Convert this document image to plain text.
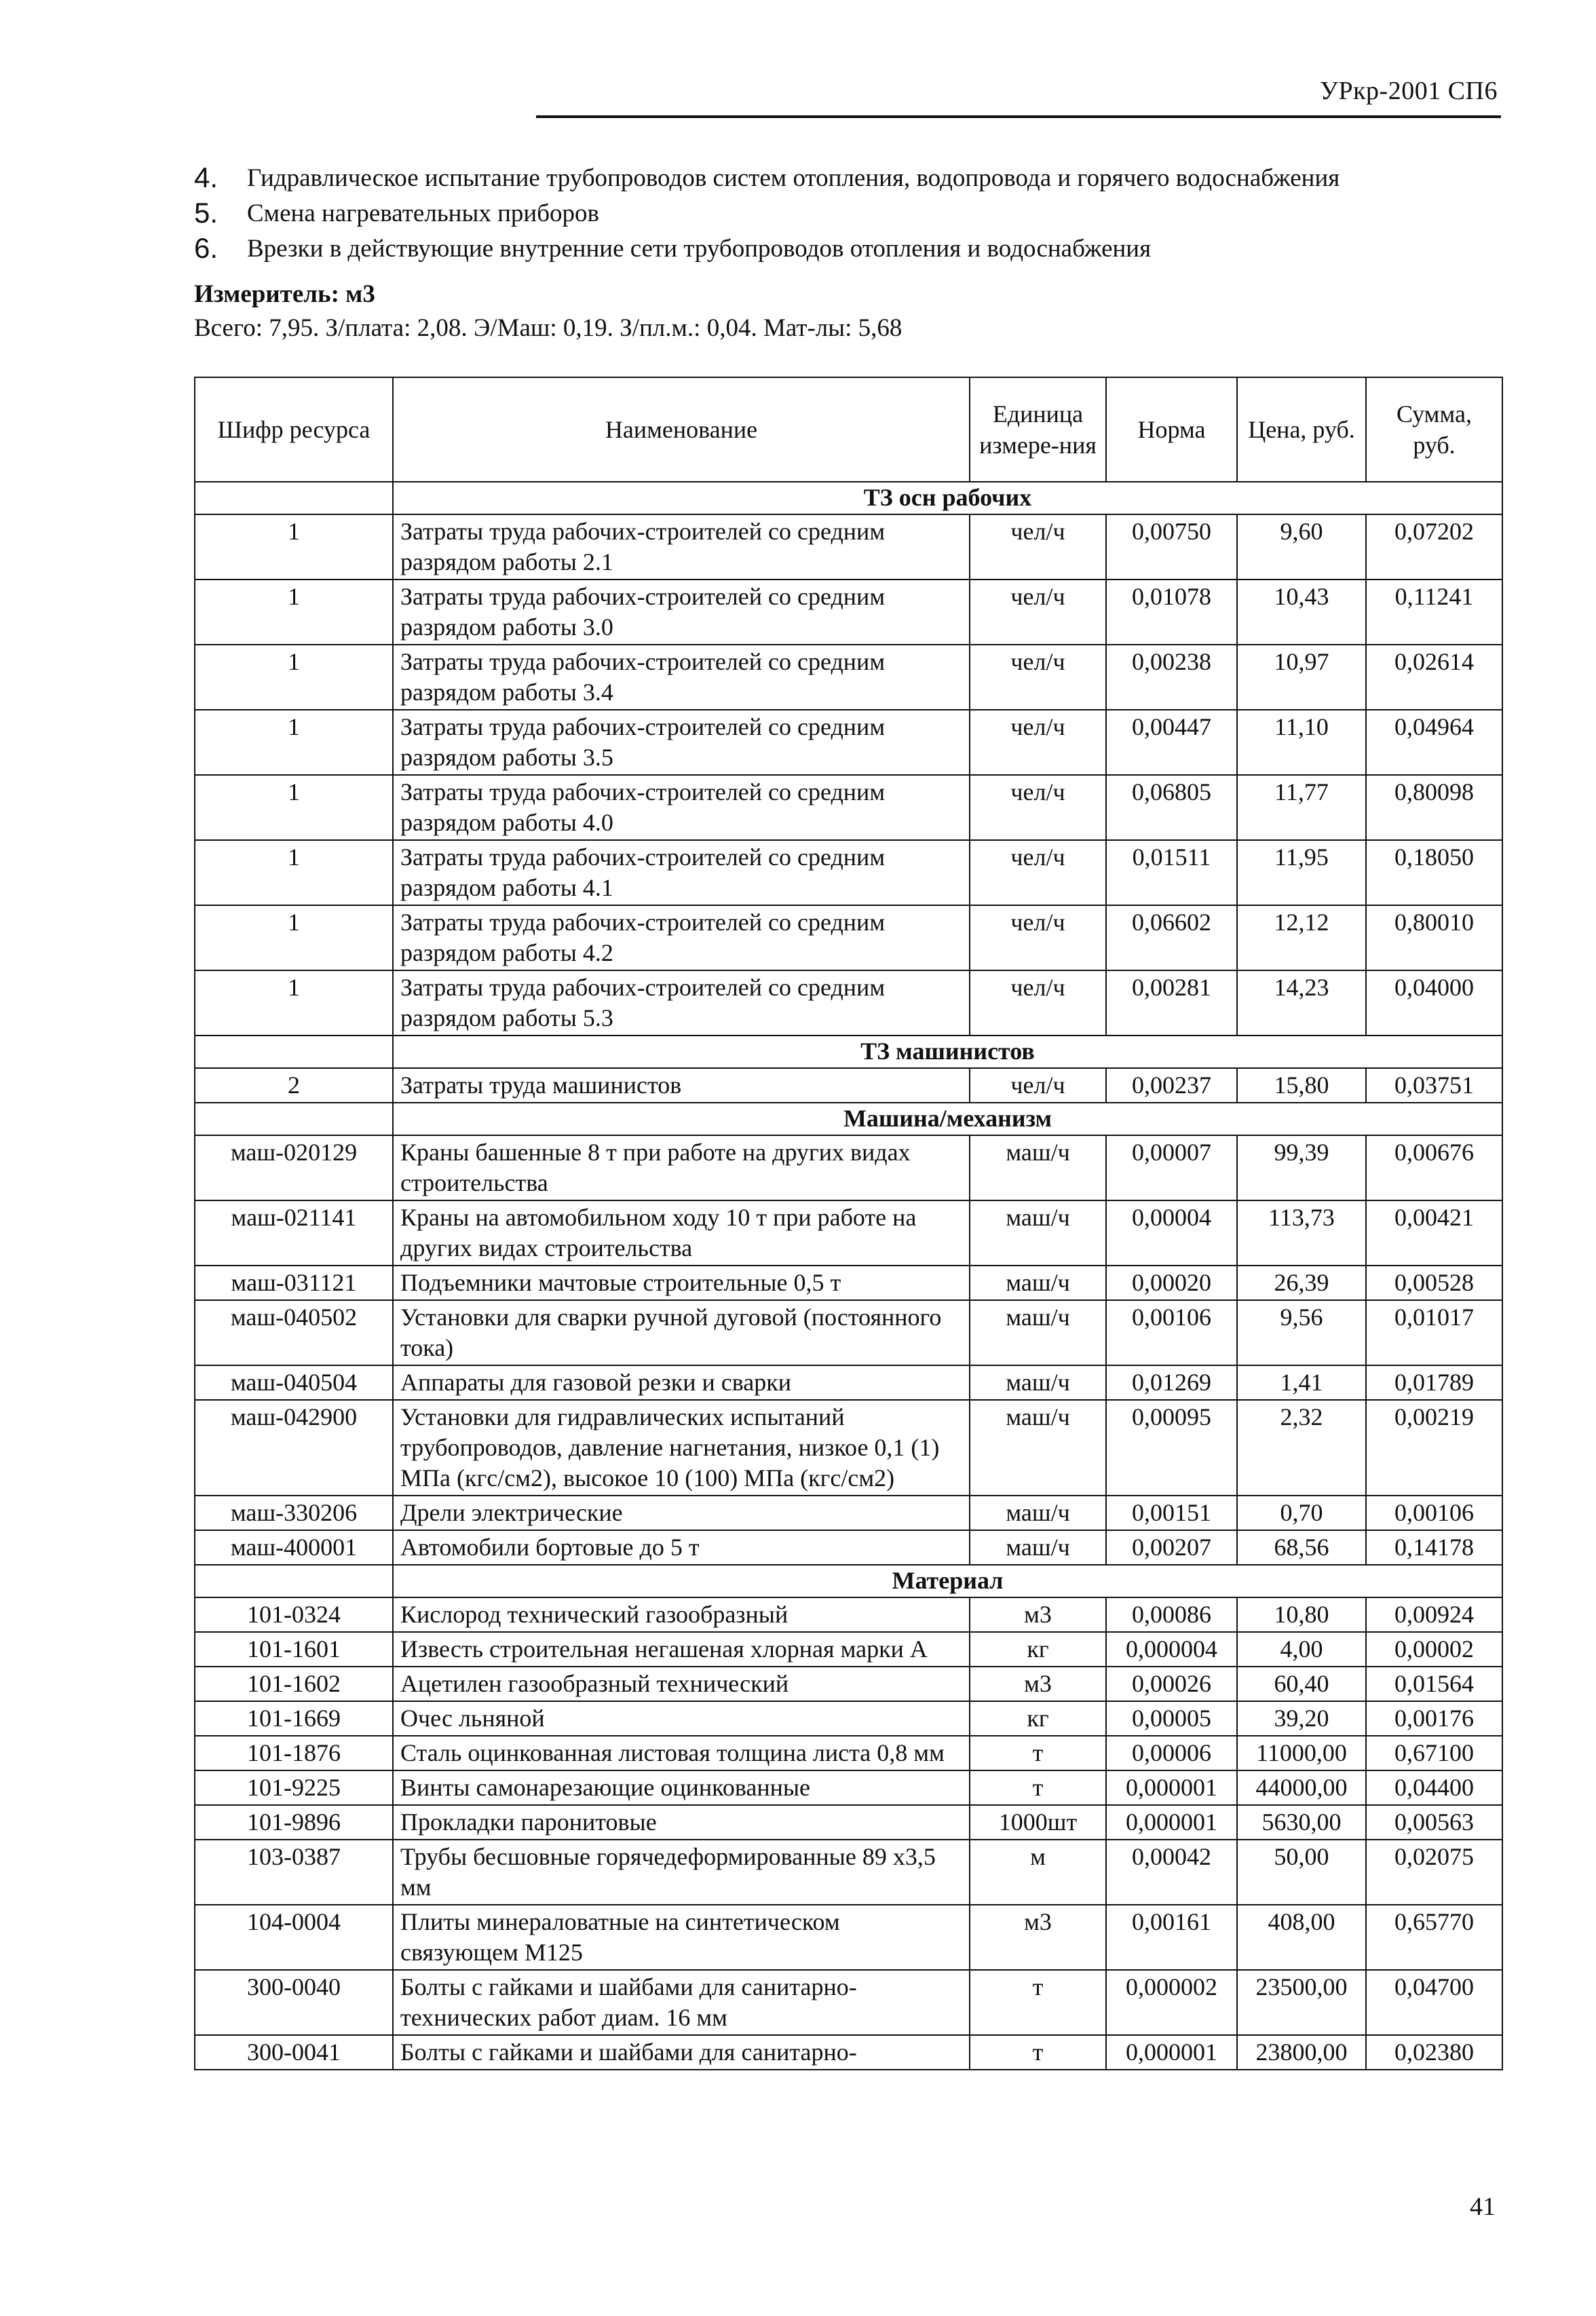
УРкр-2001 СП6
4.	Гидравлическое испытание трубопроводов систем отопления, водопровода и горячего водоснабжения
5.	Смена нагревательных приборов
6.	Врезки в действующие внутренние сети трубопроводов отопления и водоснабжения
Измеритель: м3
Всего: 7,95. З/плата: 2,08. Э/Маш: 0,19. З/пл.м.: 0,04. Мат-лы: 5,68
Шифр ресурса	Наименование	Единица измере-ния	Норма	Цена, руб.	Сумма, руб.
	ТЗ осн рабочих				
1	Затраты труда рабочих-строителей со средним разрядом работы 2.1	чел/ч	0,00750	9,60	0,07202
1	Затраты труда рабочих-строителей со средним разрядом работы 3.0	чел/ч	0,01078	10,43	0,11241
1	Затраты труда рабочих-строителей со средним разрядом работы 3.4	чел/ч	0,00238	10,97	0,02614
1	Затраты труда рабочих-строителей со средним разрядом работы 3.5	чел/ч	0,00447	11,10	0,04964
1	Затраты труда рабочих-строителей со средним разрядом работы 4.0	чел/ч	0,06805	11,77	0,80098
1	Затраты труда рабочих-строителей со средним разрядом работы 4.1	чел/ч	0,01511	11,95	0,18050
1	Затраты труда рабочих-строителей со средним разрядом работы 4.2	чел/ч	0,06602	12,12	0,80010
1	Затраты труда рабочих-строителей со средним разрядом работы 5.3	чел/ч	0,00281	14,23	0,04000
	ТЗ машинистов				
2	Затраты труда машинистов	чел/ч	0,00237	15,80	0,03751
	Машина/механизм				
маш-020129	Краны башенные 8 т при работе на других видах строительства	маш/ч	0,00007	99,39	0,00676
маш-021141	Краны на автомобильном ходу 10 т при работе на других видах строительства	маш/ч	0,00004	113,73	0,00421
маш-031121	Подъемники мачтовые строительные 0,5 т	маш/ч	0,00020	26,39	0,00528
маш-040502	Установки для сварки ручной дуговой (постоянного тока)	маш/ч	0,00106	9,56	0,01017
маш-040504	Аппараты для газовой резки и сварки	маш/ч	0,01269	1,41	0,01789
маш-042900	Установки для гидравлических испытаний трубопроводов, давление нагнетания, низкое 0,1 (1) МПа (кгс/см2), высокое 10 (100) МПа (кгс/см2)	маш/ч	0,00095	2,32	0,00219
маш-330206	Дрели электрические	маш/ч	0,00151	0,70	0,00106
маш-400001	Автомобили бортовые до 5 т	маш/ч	0,00207	68,56	0,14178
	Материал				
101-0324	Кислород технический газообразный	м3	0,00086	10,80	0,00924
101-1601	Известь строительная негашеная хлорная марки А	кг	0,000004	4,00	0,00002
101-1602	Ацетилен газообразный технический	м3	0,00026	60,40	0,01564
101-1669	Очес льняной	кг	0,00005	39,20	0,00176
101-1876	Сталь оцинкованная листовая толщина листа 0,8 мм	т	0,00006	11000,00	0,67100
101-9225	Винты самонарезающие оцинкованные	т	0,000001	44000,00	0,04400
101-9896	Прокладки паронитовые	1000шт	0,000001	5630,00	0,00563
103-0387	Трубы бесшовные горячедеформированные 89 х3,5 мм	м	0,00042	50,00	0,02075
104-0004	Плиты минераловатные на синтетическом связующем М125	м3	0,00161	408,00	0,65770
300-0040	Болты с гайками и шайбами для санитарно-технических работ диам. 16 мм	т	0,000002	23500,00	0,04700
300-0041	Болты с гайками и шайбами для санитарно-	т	0,000001	23800,00	0,02380
41
